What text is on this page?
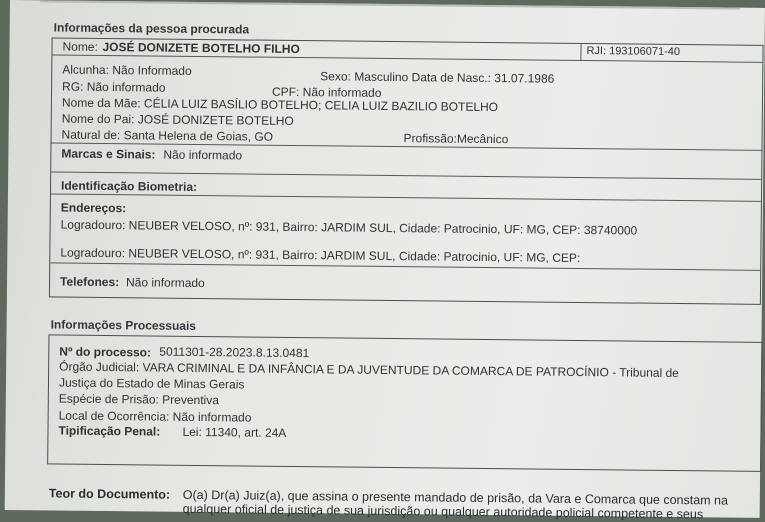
Informações da pessoa procurada
Nome: JOSÉ DONIZETE BOTELHO FILHO	RJI: 193106071-40
Alcunha: Não Informado	Sexo: Masculino Data de Nasc.: 31.07.1986
RG: Não informado	CPF: Não informado
Nome da Mãe: CÉLIA LUIZ BASÍLIO BOTELHO; CELIA LUIZ BAZILIO BOTELHO
Nome do Pai: JOSÉ DONIZETE BOTELHO
Natural de: Santa Helena de Goias, GO	Profissão:Mecânico
Marcas e Sinais: Não informado
Identificação Biometria:
Endereços:
Logradouro: NEUBER VELOSO, nº: 931, Bairro: JARDIM SUL, Cidade: Patrocinio, UF: MG, CEP: 38740000
Logradouro: NEUBER VELOSO, nº: 931, Bairro: JARDIM SUL, Cidade: Patrocinio, UF: MG, CEP:
Telefones: Não informado
Informações Processuais
Nº do processo: 5011301-28.2023.8.13.0481
Órgão Judicial: VARA CRIMINAL E DA INFÂNCIA E DA JUVENTUDE DA COMARCA DE PATROCÍNIO - Tribunal de
Justiça do Estado de Minas Gerais
Espécie de Prisão: Preventiva
Local de Ocorrência: Não informado
Tipificação Penal: Lei: 11340, art. 24A
Teor do Documento: O(a) Dr(a) Juiz(a), que assina o presente mandado de prisão, da Vara e Comarca que constam na
qualquer oficial de justiça de sua jurisdição ou qualquer autoridade policial competente e seus
